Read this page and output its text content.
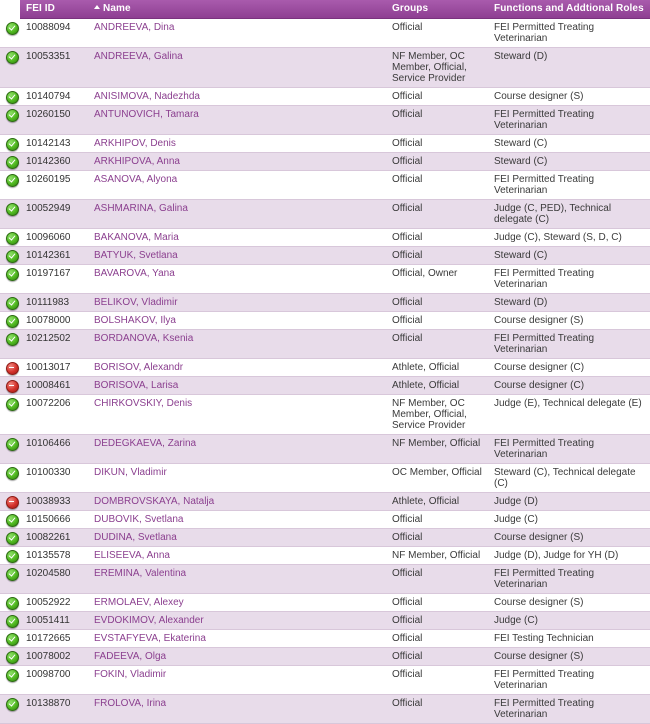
	FEI ID	Name	Groups	Functions and Addtional Roles
	10088094	ANDREEVA, Dina	Official	FEI Permitted Treating Veterinarian
	10053351	ANDREEVA, Galina	NF Member, OC Member, Official, Service Provider	Steward (D)
	10140794	ANISIMOVA, Nadezhda	Official	Course designer (S)
	10260150	ANTUNOVICH, Tamara	Official	FEI Permitted Treating Veterinarian
	10142143	ARKHIPOV, Denis	Official	Steward (C)
	10142360	ARKHIPOVA, Anna	Official	Steward (C)
	10260195	ASANOVA, Alyona	Official	FEI Permitted Treating Veterinarian
	10052949	ASHMARINA, Galina	Official	Judge (C, PED), Technical delegate (C)
	10096060	BAKANOVA, Maria	Official	Judge (C), Steward (S, D, C)
	10142361	BATYUK, Svetlana	Official	Steward (C)
	10197167	BAVAROVA, Yana	Official, Owner	FEI Permitted Treating Veterinarian
	10111983	BELIKOV, Vladimir	Official	Steward (D)
	10078000	BOLSHAKOV, Ilya	Official	Course designer (S)
	10212502	BORDANOVA, Ksenia	Official	FEI Permitted Treating Veterinarian
	10013017	BORISOV, Alexandr	Athlete, Official	Course designer (C)
	10008461	BORISOVA, Larisa	Athlete, Official	Course designer (C)
	10072206	CHIRKOVSKIY, Denis	NF Member, OC Member, Official, Service Provider	Judge (E), Technical delegate (E)
	10106466	DEDEGKAEVA, Zarina	NF Member, Official	FEI Permitted Treating Veterinarian
	10100330	DIKUN, Vladimir	OC Member, Official	Steward (C), Technical delegate (C)
	10038933	DOMBROVSKAYA, Natalja	Athlete, Official	Judge (D)
	10150666	DUBOVIK, Svetlana	Official	Judge (C)
	10082261	DUDINA, Svetlana	Official	Course designer (S)
	10135578	ELISEEVA, Anna	NF Member, Official	Judge (D), Judge for YH (D)
	10204580	EREMINA, Valentina	Official	FEI Permitted Treating Veterinarian
	10052922	ERMOLAEV, Alexey	Official	Course designer (S)
	10051411	EVDOKIMOV, Alexander	Official	Judge (C)
	10172665	EVSTAFYEVA, Ekaterina	Official	FEI Testing Technician
	10078002	FADEEVA, Olga	Official	Course designer (S)
	10098700	FOKIN, Vladimir	Official	FEI Permitted Treating Veterinarian
	10138870	FROLOVA, Irina	Official	FEI Permitted Treating Veterinarian
